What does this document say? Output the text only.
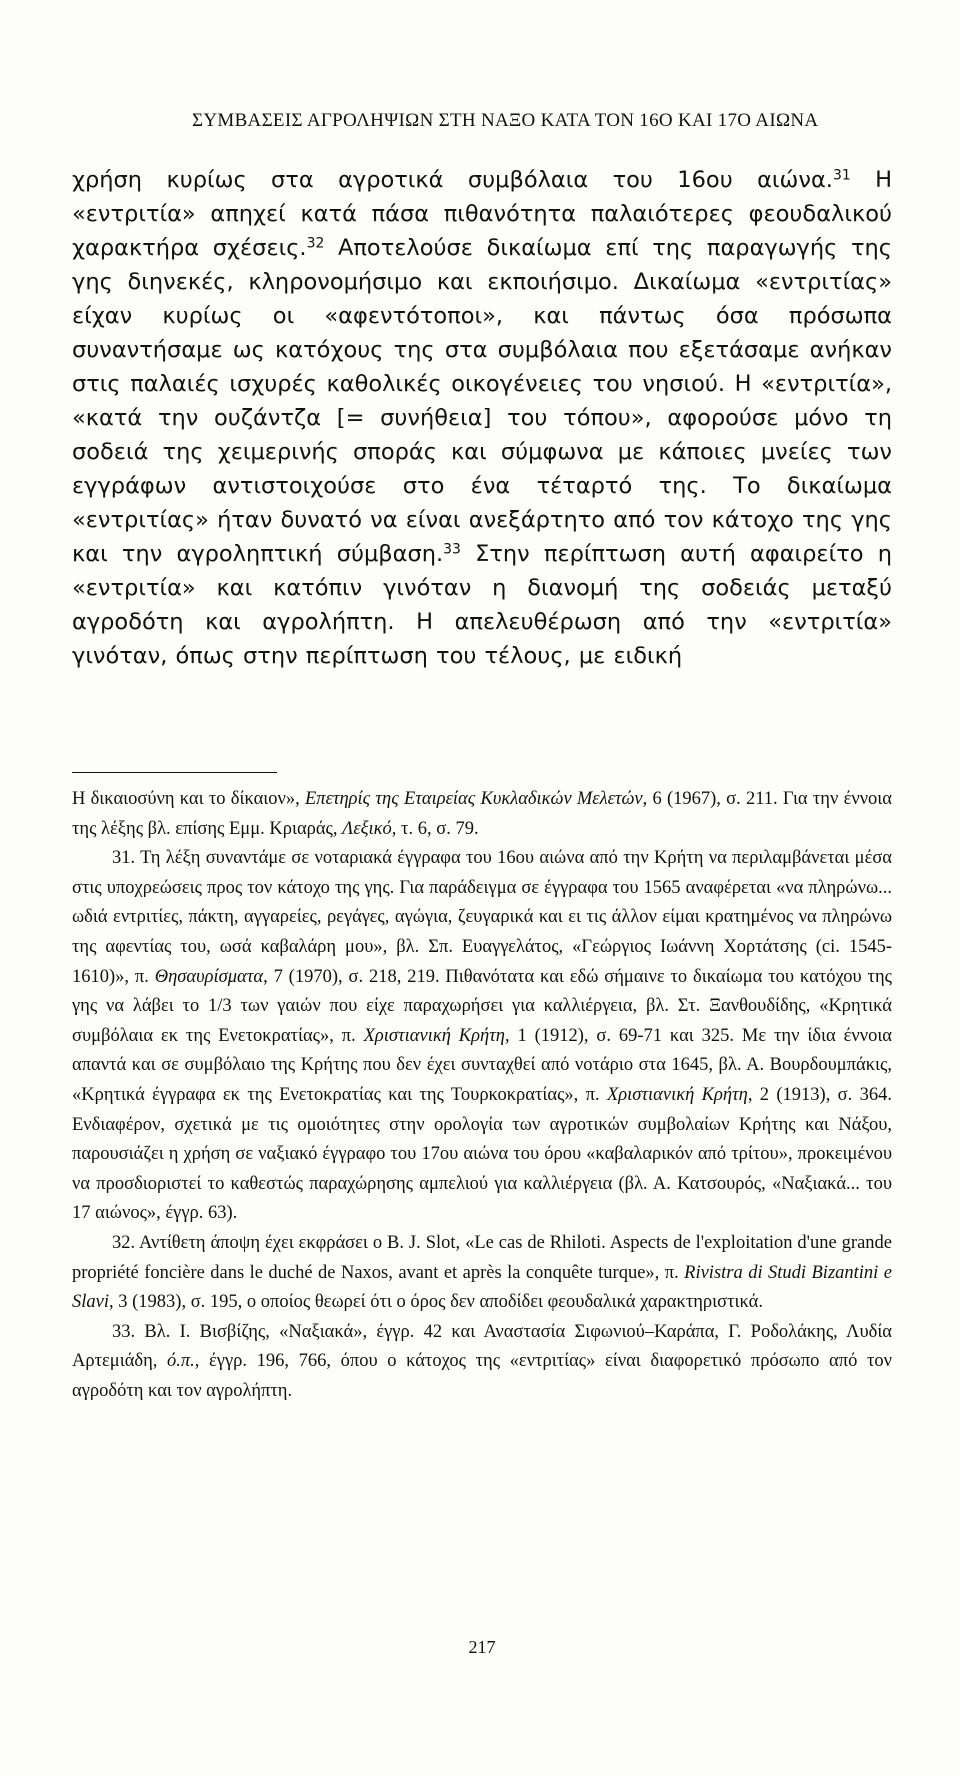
ΣΥΜΒΑΣΕΙΣ ΑΓΡΟΛΗΨΙΩΝ ΣΤΗ ΝΑΞΟ ΚΑΤΑ ΤΟΝ 16Ο ΚΑΙ 17Ο ΑΙΩΝΑ
χρήση κυρίως στα αγροτικά συμβόλαια του 16ου αιώνα.$^{31}$ Η «εντριτία» απηχεί κατά πάσα πιθανότητα παλαιότερες φεουδαλικού χαρακτήρα σχέσεις.$^{32}$ Αποτελούσε δικαίωμα επί της παραγωγής της γης διηνεκές, κληρονομήσιμο και εκποιήσιμο. Δικαίωμα «εντριτίας» είχαν κυρίως οι «αφεντότοποι», και πάντως όσα πρόσωπα συναντήσαμε ως κατόχους της στα συμβόλαια που εξετάσαμε ανήκαν στις παλαιές ισχυρές καθολικές οικογένειες του νησιού. Η «εντριτία», «κατά την ουζάντζα [= συνήθεια] του τόπου», αφορούσε μόνο τη σοδειά της χειμερινής σποράς και σύμφωνα με κάποιες μνείες των εγγράφων αντιστοιχούσε στο ένα τέταρτό της. Το δικαίωμα «εντριτίας» ήταν δυνατό να είναι ανεξάρτητο από τον κάτοχο της γης και την αγροληπτική σύμβαση.$^{33}$ Στην περίπτωση αυτή αφαιρείτο η «εντριτία» και κατόπιν γινόταν η διανομή της σοδειάς μεταξύ αγροδότη και αγρολήπτη. Η απελευθέρωση από την «εντριτία» γινόταν, όπως στην περίπτωση του τέλους, με ειδική

Η δικαιοσύνη και το δίκαιον», Επετηρίς της Εταιρείας Κυκλαδικών Μελετών, 6 (1967), σ. 211. Για την έννοια της λέξης βλ. επίσης Εμμ. Κριαράς, Λεξικό, τ. 6, σ. 79.

31. Τη λέξη συναντάμε σε νοταριακά έγγραφα του 16ου αιώνα από την Κρήτη να περιλαμβάνεται μέσα στις υποχρεώσεις προς τον κάτοχο της γης. Για παράδειγμα σε έγγραφα του 1565 αναφέρεται «να πληρώνω... ωδιά εντριτίες, πάκτη, αγγαρείες, ρεγάγες, αγώγια, ζευγαρικά και ει τις άλλον είμαι κρατημένος να πληρώνω της αφεντίας του, ωσά καβαλάρη μου», βλ. Σπ. Ευαγγελάτος, «Γεώργιος Ιωάννη Χορτάτσης (ci. 1545-1610)», π. Θησαυρίσματα, 7 (1970), σ. 218, 219. Πιθανότατα και εδώ σήμαινε το δικαίωμα του κατόχου της γης να λάβει το 1/3 των γαιών που είχε παραχωρήσει για καλλιέργεια, βλ. Στ. Ξανθουδίδης, «Κρητικά συμβόλαια εκ της Ενετοκρατίας», π. Χριστιανική Κρήτη, 1 (1912), σ. 69-71 και 325. Με την ίδια έννοια απαντά και σε συμβόλαιο της Κρήτης που δεν έχει συνταχθεί από νοτάριο στα 1645, βλ. Α. Βουρδουμπάκις, «Κρητικά έγγραφα εκ της Ενετοκρατίας και της Τουρκοκρατίας», π. Χριστιανική Κρήτη, 2 (1913), σ. 364. Ενδιαφέρον, σχετικά με τις ομοιότητες στην ορολογία των αγροτικών συμβολαίων Κρήτης και Νάξου, παρουσιάζει η χρήση σε ναξιακό έγγραφο του 17ου αιώνα του όρου «καβαλαρικόν από τρίτου», προκειμένου να προσδιοριστεί το καθεστώς παραχώρησης αμπελιού για καλλιέργεια (βλ. Α. Κατσουρός, «Ναξιακά... του 17 αιώνος», έγγρ. 63).

32. Αντίθετη άποψη έχει εκφράσει ο B. J. Slot, «Le cas de Rhiloti. Aspects de l'exploitation d'une grande propriété foncière dans le duché de Naxos, avant et après la conquête turque», π. Rivistra di Studi Bizantini e Slavi, 3 (1983), σ. 195, ο οποίος θεωρεί ότι ο όρος δεν αποδίδει φεουδαλικά χαρακτηριστικά.

33. Βλ. Ι. Βισβίζης, «Ναξιακά», έγγρ. 42 και Αναστασία Σιφωνιού–Καράπα, Γ. Ροδολάκης, Λυδία Αρτεμιάδη, ό.π., έγγρ. 196, 766, όπου ο κάτοχος της «εντριτίας» είναι διαφορετικό πρόσωπο από τον αγροδότη και τον αγρολήπτη.

217
